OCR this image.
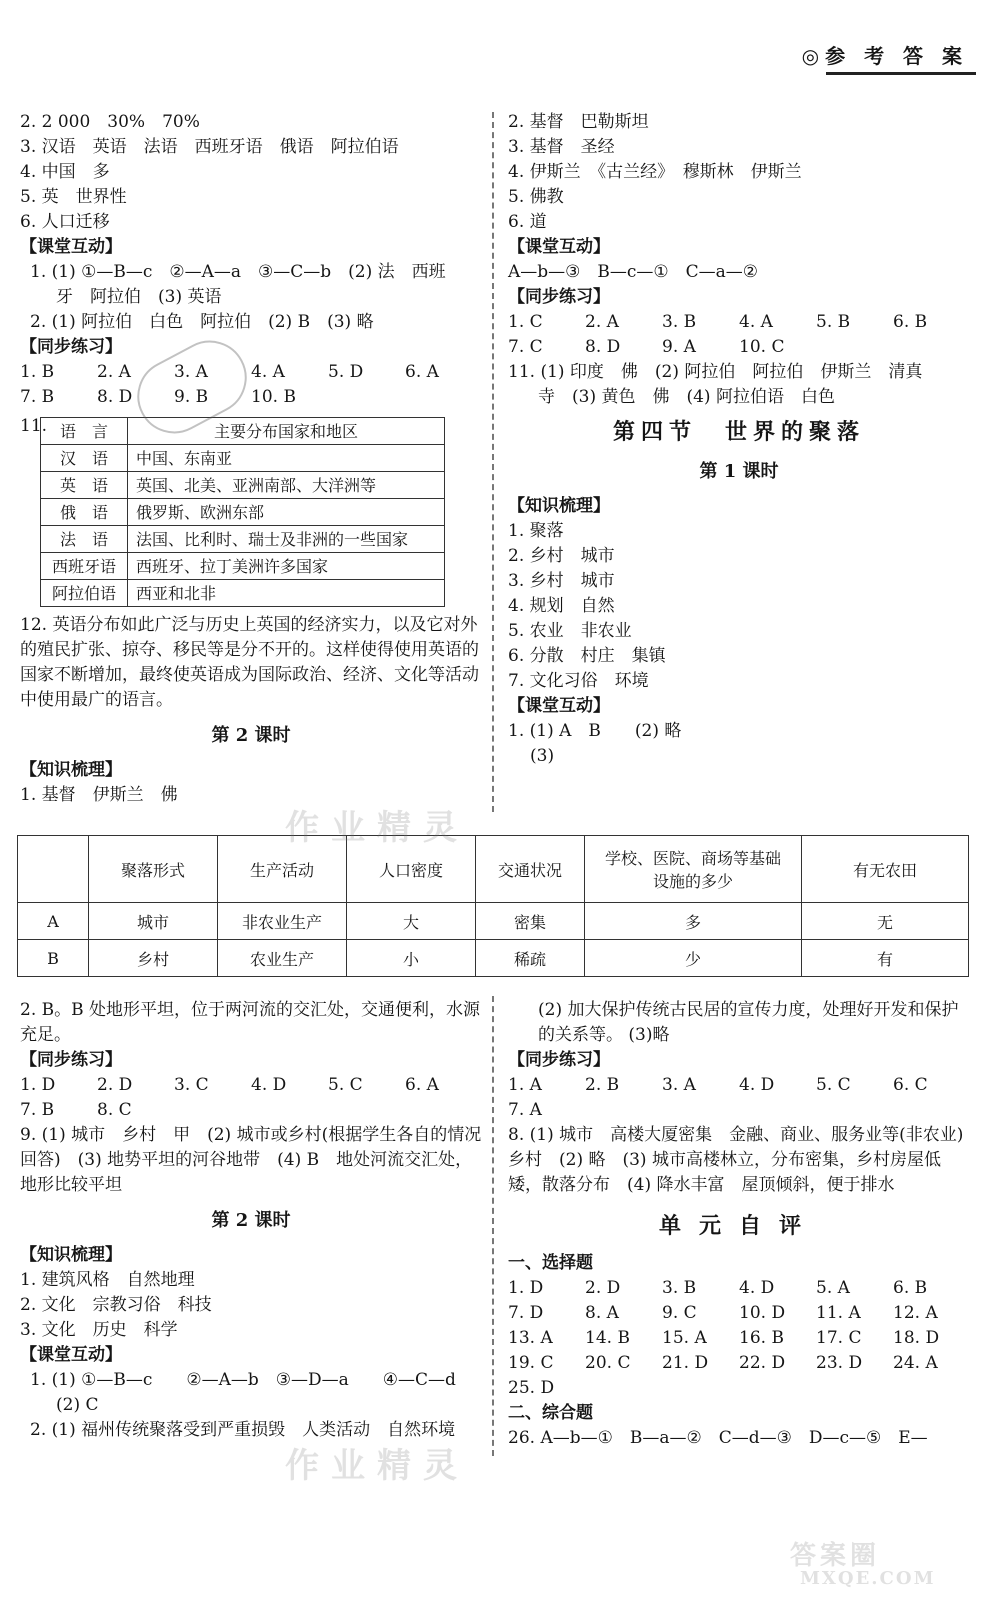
◎参 考 答 案
2. 2 000　30%　70%
3. 汉语　英语　法语　西班牙语　俄语　阿拉伯语
4. 中国　多
5. 英　世界性
6. 人口迁移
【课堂互动】
1. (1) ①—B—c　②—A—a　③—C—b　(2) 法　西班
牙　阿拉伯　(3) 英语
2. (1) 阿拉伯　白色　阿拉伯　(2) B　(3) 略
【同步练习】
1. B	2. A	3. A	4. A	5. D	6. A
7. B	8. D	9. B	10. B
11. 语　言	主要分布国家和地区
汉　语	中国、东南亚
英　语	英国、北美、亚洲南部、大洋洲等
俄　语	俄罗斯、欧洲东部
法　语	法国、比利时、瑞士及非洲的一些国家
西班牙语	西班牙、拉丁美洲许多国家
阿拉伯语	西亚和北非
12. 英语分布如此广泛与历史上英国的经济实力，以及它对外的殖民扩张、掠夺、移民等是分不开的。这样使得使用英语的国家不断增加，最终使英语成为国际政治、经济、文化等活动中使用最广的语言。
第 2 课时
【知识梳理】
1. 基督　伊斯兰　佛
2. 基督　巴勒斯坦
3. 基督　圣经
4. 伊斯兰　《古兰经》　穆斯林　伊斯兰
5. 佛教
6. 道
【课堂互动】
A—b—③　B—c—①　C—a—②
【同步练习】
1. C	2. A	3. B	4. A	5. B	6. B
7. C	8. D	9. A	10. C
11. (1) 印度　佛　(2) 阿拉伯　阿拉伯　伊斯兰　清真
寺　(3) 黄色　佛　(4) 阿拉伯语　白色
第四节　世界的聚落
第 1 课时
【知识梳理】
1. 聚落
2. 乡村　城市
3. 乡村　城市
4. 规划　自然
5. 农业　非农业
6. 分散　村庄　集镇
7. 文化习俗　环境
【课堂互动】
1. (1) A　B　　(2) 略
(3)
	聚落形式	生产活动	人口密度	交通状况	学校、医院、商场等基础设施的多少	有无农田
A	城市	非农业生产	大	密集	多	无
B	乡村	农业生产	小	稀疏	少	有
2. B。B 处地形平坦，位于两河流的交汇处，交通便利，水源充足。
【同步练习】
1. D	2. D	3. C	4. D	5. C	6. A
7. B	8. C
9. (1) 城市　乡村　甲　(2) 城市或乡村(根据学生各自的情况回答)　(3) 地势平坦的河谷地带　(4) B　地处河流交汇处，地形比较平坦
第 2 课时
【知识梳理】
1. 建筑风格　自然地理
2. 文化　宗教习俗　科技
3. 文化　历史　科学
【课堂互动】
1. (1) ①—B—c　　②—A—b　③—D—a　　④—C—d
(2) C
2. (1) 福州传统聚落受到严重损毁　人类活动　自然环境
(2) 加大保护传统古民居的宣传力度，处理好开发和保护的关系等。 (3)略
【同步练习】
1. A	2. B	3. A	4. D	5. C	6. C
7. A
8. (1) 城市　高楼大厦密集　金融、商业、服务业等(非农业)　乡村　(2) 略　(3) 城市高楼林立，分布密集，乡村房屋低矮，散落分布　(4) 降水丰富　屋顶倾斜，便于排水
单元自评
一、选择题
1. D	2. D	3. B	4. D	5. A	6. B
7. D	8. A	9. C	10. D	11. A	12. A
13. A	14. B	15. A	16. B	17. C	18. D
19. C	20. C	21. D	22. D	23. D	24. A
25. D
二、综合题
26. A—b—①　B—a—②　C—d—③　D—c—⑤　E—
作业精灵
作业精灵
答案圈
MXQE.COM
